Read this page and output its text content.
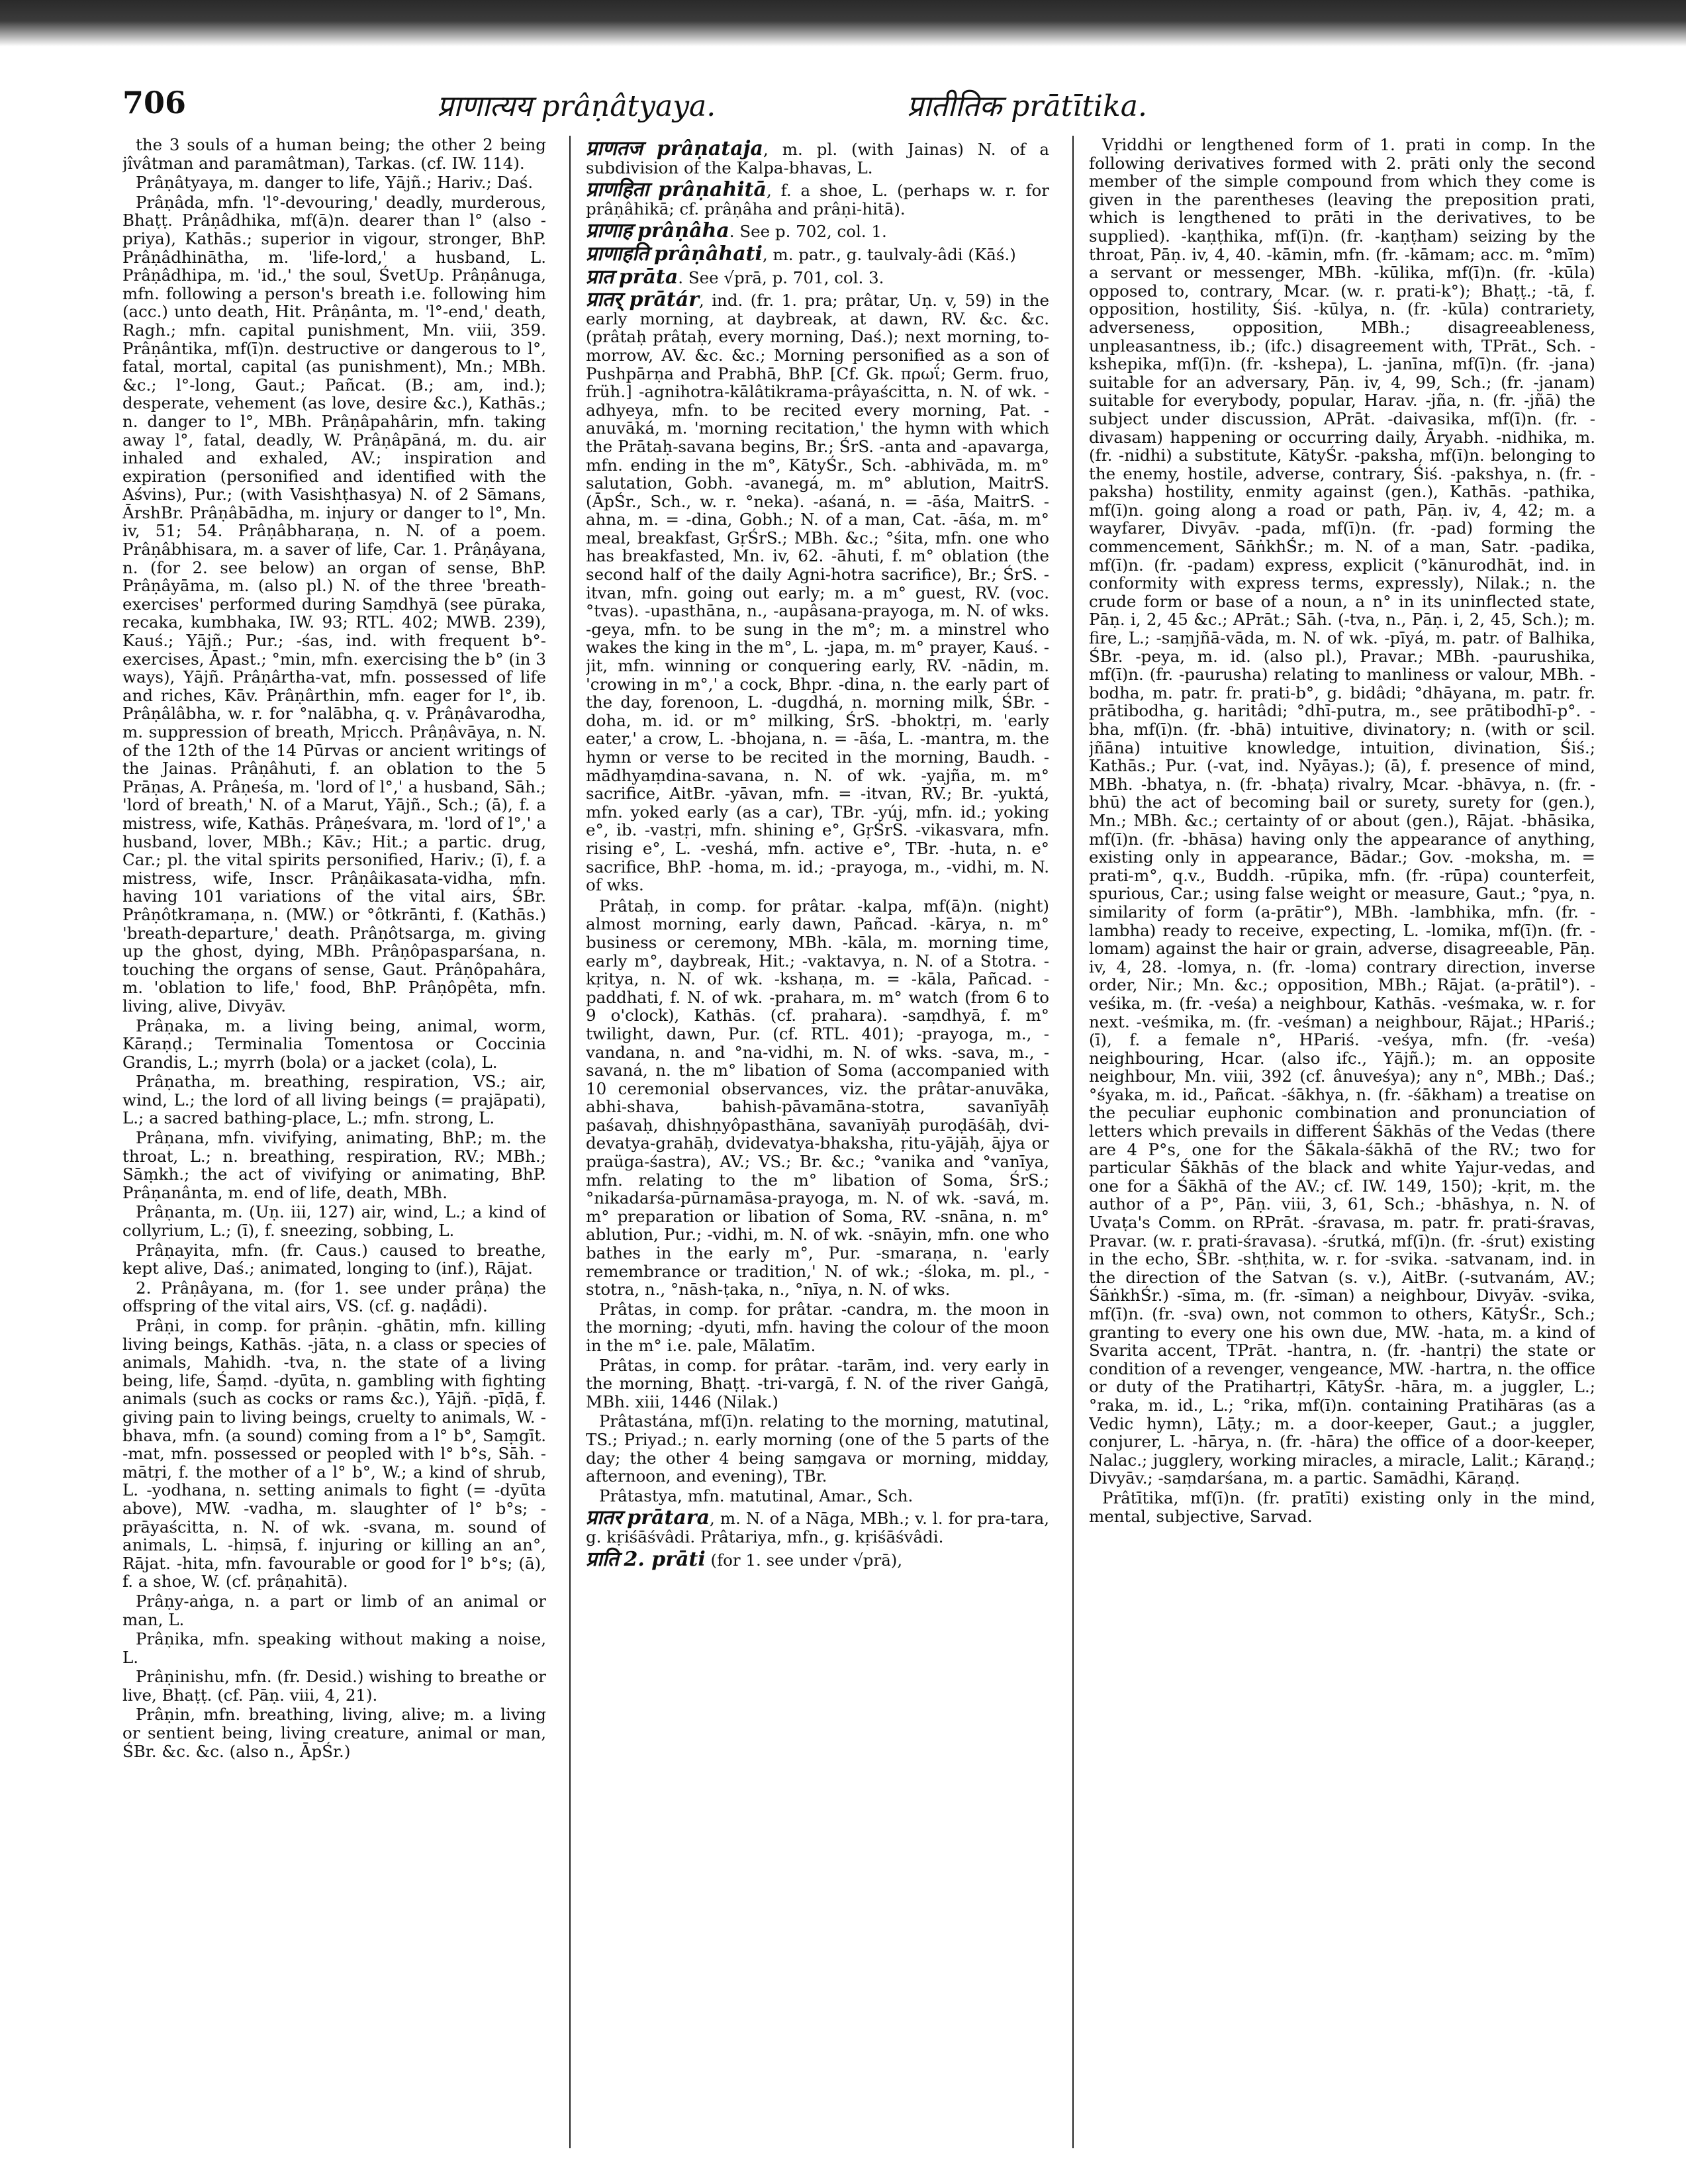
706	प्राणात्यय prâṇâtyaya.	प्रातीतिक prātītika.

the 3 souls of a human being; the other 2 being jîvâtman and paramâtman), Tarkas. (cf. IW. 114).

Prâṇâtyaya, m. danger to life, Yājñ.; Hariv.; Daś.

Prâṇâda, mfn. 'l°-devouring,' deadly, murderous, Bhaṭṭ. Prâṇâdhika, mf(ā)n. dearer than l° (also -priya), Kathās.; superior in vigour, stronger, BhP. Prâṇâdhinātha, m. 'life-lord,' a husband, L. Prâṇâdhipa, m. 'id.,' the soul, ŚvetUp. Prâṇânuga, mfn. following a person's breath i.e. following him (acc.) unto death, Hit. Prâṇânta, m. 'l°-end,' death, Ragh.; mfn. capital punishment, Mn. viii, 359. Prâṇântika, mf(ī)n. destructive or dangerous to l°, fatal, mortal, capital (as punishment), Mn.; MBh. &c.; l°-long, Gaut.; Pañcat. (B.; am, ind.); desperate, vehement (as love, desire &c.), Kathās.; n. danger to l°, MBh. Prâṇâpahârin, mfn. taking away l°, fatal, deadly, W. Prâṇâpāná, m. du. air inhaled and exhaled, AV.; inspiration and expiration (personified and identified with the Aśvins), Pur.; (with Vasishṭhasya) N. of 2 Sāmans, ĀrshBr. Prâṇâbādha, m. injury or danger to l°, Mn. iv, 51; 54. Prâṇâbharaṇa, n. N. of a poem. Prâṇâbhisara, m. a saver of life, Car. 1. Prâṇâyana, n. (for 2. see below) an organ of sense, BhP. Prâṇâyāma, m. (also pl.) N. of the three 'breath-exercises' performed during Saṃdhyā (see pūraka, recaka, kumbhaka, IW. 93; RTL. 402; MWB. 239), Kauś.; Yājñ.; Pur.; -śas, ind. with frequent b°-exercises, Āpast.; °min, mfn. exercising the b° (in 3 ways), Yājñ. Prâṇârtha-vat, mfn. possessed of life and riches, Kāv. Prâṇârthin, mfn. eager for l°, ib. Prâṇâlâbha, w. r. for °nalābha, q. v. Prâṇâvarodha, m. suppression of breath, Mṛicch. Prâṇâvāya, n. N. of the 12th of the 14 Pūrvas or ancient writings of the Jainas. Prâṇâhuti, f. an oblation to the 5 Prāṇas, A. Prâṇeśa, m. 'lord of l°,' a husband, Sāh.; 'lord of breath,' N. of a Marut, Yājñ., Sch.; (ā), f. a mistress, wife, Kathās. Prâṇeśvara, m. 'lord of l°,' a husband, lover, MBh.; Kāv.; Hit.; a partic. drug, Car.; pl. the vital spirits personified, Hariv.; (ī), f. a mistress, wife, Inscr. Prâṇâikasata-vidha, mfn. having 101 variations of the vital airs, ŚBr. Prâṇôtkramaṇa, n. (MW.) or °ôtkrānti, f. (Kathās.) 'breath-departure,' death. Prâṇôtsarga, m. giving up the ghost, dying, MBh. Prâṇôpasparśana, n. touching the organs of sense, Gaut. Prâṇôpahâra, m. 'oblation to life,' food, BhP. Prâṇôpêta, mfn. living, alive, Divyāv.

Prâṇaka, m. a living being, animal, worm, Kāraṇḍ.; Terminalia Tomentosa or Coccinia Grandis, L.; myrrh (bola) or a jacket (cola), L.

Prâṇatha, m. breathing, respiration, VS.; air, wind, L.; the lord of all living beings (= prajāpati), L.; a sacred bathing-place, L.; mfn. strong, L.

Prâṇana, mfn. vivifying, animating, BhP.; m. the throat, L.; n. breathing, respiration, RV.; MBh.; Sāṃkh.; the act of vivifying or animating, BhP. Prâṇanânta, m. end of life, death, MBh.

Prâṇanta, m. (Uṇ. iii, 127) air, wind, L.; a kind of collyrium, L.; (ī), f. sneezing, sobbing, L.

Prâṇayita, mfn. (fr. Caus.) caused to breathe, kept alive, Daś.; animated, longing to (inf.), Rājat.

2. Prâṇâyana, m. (for 1. see under prâṇa) the offspring of the vital airs, VS. (cf. g. naḍâdi).

Prâṇi, in comp. for prâṇin. -ghātin, mfn. killing living beings, Kathās. -jāta, n. a class or species of animals, Mahidh. -tva, n. the state of a living being, life, Śaṃd. -dyūta, n. gambling with fighting animals (such as cocks or rams &c.), Yājñ. -pīḍā, f. giving pain to living beings, cruelty to animals, W. -bhava, mfn. (a sound) coming from a l° b°, Saṃgīt. -mat, mfn. possessed or peopled with l° b°s, Sāh. -mātṛi, f. the mother of a l° b°, W.; a kind of shrub, L. -yodhana, n. setting animals to fight (= -dyūta above), MW. -vadha, m. slaughter of l° b°s; -prāyaścitta, n. N. of wk. -svana, m. sound of animals, L. -hiṃsā, f. injuring or killing an an°, Rājat. -hita, mfn. favourable or good for l° b°s; (ā), f. a shoe, W. (cf. prâṇahitā).

Prâṇy-aṅga, n. a part or limb of an animal or man, L.

Prâṇika, mfn. speaking without making a noise, L.

Prâṇinishu, mfn. (fr. Desid.) wishing to breathe or live, Bhaṭṭ. (cf. Pāṇ. viii, 4, 21).

Prâṇin, mfn. breathing, living, alive; m. a living or sentient being, living creature, animal or man, ŚBr. &c. &c. (also n., ĀpŚr.)

प्राणतज prâṇataja, m. pl. (with Jainas) N. of a subdivision of the Kalpa-bhavas, L.

प्राणहिता prâṇahitā, f. a shoe, L. (perhaps w. r. for prâṇâhikā; cf. prâṇâha and prâṇi-hitā).

प्राणाह prâṇâha. See p. 702, col. 1.

प्राणाहति prâṇâhati, m. patr., g. taulvaly-âdi (Kāś.)

प्रात prāta. See √prā, p. 701, col. 3.

प्रातर् prātár, ind. (fr. 1. pra; prâtar, Uṇ. v, 59) in the early morning, at daybreak, at dawn, RV. &c. &c. (prâtaḥ prâtaḥ, every morning, Daś.); next morning, to-morrow, AV. &c. &c.; Morning personified as a son of Pushpārṇa and Prabhā, BhP. [Cf. Gk. πρωΐ; Germ. fruo, früh.] -agnihotra-kālâtikrama-prâyaścitta, n. N. of wk. -adhyeya, mfn. to be recited every morning, Pat. -anuvāká, m. 'morning recitation,' the hymn with which the Prātaḥ-savana begins, Br.; ŚrS. -anta and -apavarga, mfn. ending in the m°, KātyŚr., Sch. -abhivāda, m. m° salutation, Gobh. -avanegá, m. m° ablution, MaitrS. (ĀpŚr., Sch., w. r. °neka). -aśaná, n. = -āśa, MaitrS. -ahna, m. = -dina, Gobh.; N. of a man, Cat. -āśa, m. m° meal, breakfast, GṛŚrS.; MBh. &c.; °śita, mfn. one who has breakfasted, Mn. iv, 62. -āhuti, f. m° oblation (the second half of the daily Agni-hotra sacrifice), Br.; ŚrS. -itvan, mfn. going out early; m. a m° guest, RV. (voc. °tvas). -upasthāna, n., -aupâsana-prayoga, m. N. of wks. -geya, mfn. to be sung in the m°; m. a minstrel who wakes the king in the m°, L. -japa, m. m° prayer, Kauś. -jit, mfn. winning or conquering early, RV. -nādin, m. 'crowing in m°,' a cock, Bhpr. -dina, n. the early part of the day, forenoon, L. -dugdhá, n. morning milk, ŚBr. -doha, m. id. or m° milking, ŚrS. -bhoktṛi, m. 'early eater,' a crow, L. -bhojana, n. = -āśa, L. -mantra, m. the hymn or verse to be recited in the morning, Baudh. -mādhyaṃdina-savana, n. N. of wk. -yajña, m. m° sacrifice, AitBr. -yāvan, mfn. = -itvan, RV.; Br. -yuktá, mfn. yoked early (as a car), TBr. -yúj, mfn. id.; yoking e°, ib. -vastṛi, mfn. shining e°, GṛŚrS. -vikasvara, mfn. rising e°, L. -veshá, mfn. active e°, TBr. -huta, n. e° sacrifice, BhP. -homa, m. id.; -prayoga, m., -vidhi, m. N. of wks.

Prâtaḥ, in comp. for prâtar. -kalpa, mf(ā)n. (night) almost morning, early dawn, Pañcad. -kārya, n. m° business or ceremony, MBh. -kāla, m. morning time, early m°, daybreak, Hit.; -vaktavya, n. N. of a Stotra. -kṛitya, n. N. of wk. -kshaṇa, m. = -kāla, Pañcad. -paddhati, f. N. of wk. -prahara, m. m° watch (from 6 to 9 o'clock), Kathās. (cf. prahara). -saṃdhyā, f. m° twilight, dawn, Pur. (cf. RTL. 401); -prayoga, m., -vandana, n. and °na-vidhi, m. N. of wks. -sava, m., -savaná, n. the m° libation of Soma (accompanied with 10 ceremonial observances, viz. the prâtar-anuvāka, abhi-shava, bahish-pāvamāna-stotra, savanīyāḥ paśavaḥ, dhishṇyôpasthāna, savanīyāḥ puroḍāśāḥ, dvi-devatya-grahāḥ, dvidevatya-bhaksha, ṛitu-yājāḥ, ājya or praüga-śastra), AV.; VS.; Br. &c.; °vanika and °vanīya, mfn. relating to the m° libation of Soma, ŚrS.; °nikadarśa-pūrnamāsa-prayoga, m. N. of wk. -savá, m. m° preparation or libation of Soma, RV. -snāna, n. m° ablution, Pur.; -vidhi, m. N. of wk. -snāyin, mfn. one who bathes in the early m°, Pur. -smaraṇa, n. 'early remembrance or tradition,' N. of wk.; -śloka, m. pl., -stotra, n., °nāsh-ṭaka, n., °nīya, n. N. of wks.

Prâtas, in comp. for prâtar. -candra, m. the moon in the morning; -dyuti, mfn. having the colour of the moon in the m° i.e. pale, Mālatīm.

Prâtas, in comp. for prâtar. -tarām, ind. very early in the morning, Bhaṭṭ. -tri-vargā, f. N. of the river Gaṅgā, MBh. xiii, 1446 (Nilak.)

Prâtastána, mf(ī)n. relating to the morning, matutinal, TS.; Priyad.; n. early morning (one of the 5 parts of the day; the other 4 being saṃgava or morning, midday, afternoon, and evening), TBr.

Prâtastya, mfn. matutinal, Amar., Sch.

प्रातर prātara, m. N. of a Nāga, MBh.; v. l. for pra-tara, g. kṛiśāśvâdi. Prâtariya, mfn., g. kṛiśāśvâdi.

प्राति 2. prāti (for 1. see under √prā),

Vṛiddhi or lengthened form of 1. prati in comp. In the following derivatives formed with 2. prāti only the second member of the simple compound from which they come is given in the parentheses (leaving the preposition prati, which is lengthened to prāti in the derivatives, to be supplied). -kaṇṭhika, mf(ī)n. (fr. -kaṇṭham) seizing by the throat, Pāṇ. iv, 4, 40. -kāmin, mfn. (fr. -kāmam; acc. m. °mīm) a servant or messenger, MBh. -kūlika, mf(ī)n. (fr. -kūla) opposed to, contrary, Mcar. (w. r. prati-k°); Bhaṭṭ.; -tā, f. opposition, hostility, Śiś. -kūlya, n. (fr. -kūla) contrariety, adverseness, opposition, MBh.; disagreeableness, unpleasantness, ib.; (ifc.) disagreement with, TPrāt., Sch. -kshepika, mf(ī)n. (fr. -kshepa), L. -janīna, mf(ī)n. (fr. -jana) suitable for an adversary, Pāṇ. iv, 4, 99, Sch.; (fr. -janam) suitable for everybody, popular, Harav. -jña, n. (fr. -jñā) the subject under discussion, APrāt. -daivasika, mf(ī)n. (fr. -divasam) happening or occurring daily, Āryabh. -nidhika, m. (fr. -nidhi) a substitute, KātyŚr. -paksha, mf(ī)n. belonging to the enemy, hostile, adverse, contrary, Śiś. -pakshya, n. (fr. -paksha) hostility, enmity against (gen.), Kathās. -pathika, mf(ī)n. going along a road or path, Pāṇ. iv, 4, 42; m. a wayfarer, Divyāv. -pada, mf(ī)n. (fr. -pad) forming the commencement, SāṅkhŚr.; m. N. of a man, Satr. -padika, mf(ī)n. (fr. -padam) express, explicit (°kānurodhāt, ind. in conformity with express terms, expressly), Nilak.; n. the crude form or base of a noun, a n° in its uninflected state, Pāṇ. i, 2, 45 &c.; APrāt.; Sāh. (-tva, n., Pāṇ. i, 2, 45, Sch.); m. fire, L.; -saṃjñā-vāda, m. N. of wk. -pīyá, m. patr. of Balhika, ŚBr. -peya, m. id. (also pl.), Pravar.; MBh. -paurushika, mf(ī)n. (fr. -paurusha) relating to manliness or valour, MBh. -bodha, m. patr. fr. prati-b°, g. bidâdi; °dhāyana, m. patr. fr. prātibodha, g. haritâdi; °dhī-putra, m., see prātibodhī-p°. -bha, mf(ī)n. (fr. -bhā) intuitive, divinatory; n. (with or scil. jñāna) intuitive knowledge, intuition, divination, Śiś.; Kathās.; Pur. (-vat, ind. Nyāyas.); (ā), f. presence of mind, MBh. -bhatya, n. (fr. -bhaṭa) rivalry, Mcar. -bhāvya, n. (fr. -bhū) the act of becoming bail or surety, surety for (gen.), Mn.; MBh. &c.; certainty of or about (gen.), Rājat. -bhāsika, mf(ī)n. (fr. -bhāsa) having only the appearance of anything, existing only in appearance, Bādar.; Gov. -moksha, m. = prati-m°, q.v., Buddh. -rūpika, mfn. (fr. -rūpa) counterfeit, spurious, Car.; using false weight or measure, Gaut.; °pya, n. similarity of form (a-prātir°), MBh. -lambhika, mfn. (fr. -lambha) ready to receive, expecting, L. -lomika, mf(ī)n. (fr. -lomam) against the hair or grain, adverse, disagreeable, Pāṇ. iv, 4, 28. -lomya, n. (fr. -loma) contrary direction, inverse order, Nir.; Mn. &c.; opposition, MBh.; Rājat. (a-prātil°). -veśika, m. (fr. -veśa) a neighbour, Kathās. -veśmaka, w. r. for next. -veśmika, m. (fr. -veśman) a neighbour, Rājat.; HPariś.; (ī), f. a female n°, HPariś. -veśya, mfn. (fr. -veśa) neighbouring, Hcar. (also ifc., Yājñ.); m. an opposite neighbour, Mn. viii, 392 (cf. ânuveśya); any n°, MBh.; Daś.; °śyaka, m. id., Pañcat. -śākhya, n. (fr. -śākham) a treatise on the peculiar euphonic combination and pronunciation of letters which prevails in different Śākhās of the Vedas (there are 4 P°s, one for the Śākala-śākhā of the RV.; two for particular Śākhās of the black and white Yajur-vedas, and one for a Śākhā of the AV.; cf. IW. 149, 150); -kṛit, m. the author of a P°, Pāṇ. viii, 3, 61, Sch.; -bhāshya, n. N. of Uvaṭa's Comm. on RPrāt. -śravasa, m. patr. fr. prati-śravas, Pravar. (w. r. prati-śravasa). -śrutká, mf(ī)n. (fr. -śrut) existing in the echo, ŚBr. -shṭhita, w. r. for -svika. -satvanam, ind. in the direction of the Satvan (s. v.), AitBr. (-sutvanám, AV.; ŚāṅkhŚr.) -sīma, m. (fr. -sīman) a neighbour, Divyāv. -svika, mf(ī)n. (fr. -sva) own, not common to others, KātyŚr., Sch.; granting to every one his own due, MW. -hata, m. a kind of Svarita accent, TPrāt. -hantra, n. (fr. -hantṛi) the state or condition of a revenger, vengeance, MW. -hartra, n. the office or duty of the Pratihartṛi, KātyŚr. -hāra, m. a juggler, L.; °raka, m. id., L.; °rika, mf(ī)n. containing Pratihāras (as a Vedic hymn), Lāṭy.; m. a door-keeper, Gaut.; a juggler, conjurer, L. -hārya, n. (fr. -hāra) the office of a door-keeper, Nalac.; jugglery, working miracles, a miracle, Lalit.; Kāraṇḍ.; Divyāv.; -saṃdarśana, m. a partic. Samādhi, Kāraṇḍ.

Prâtītika, mf(ī)n. (fr. pratīti) existing only in the mind, mental, subjective, Sarvad.
